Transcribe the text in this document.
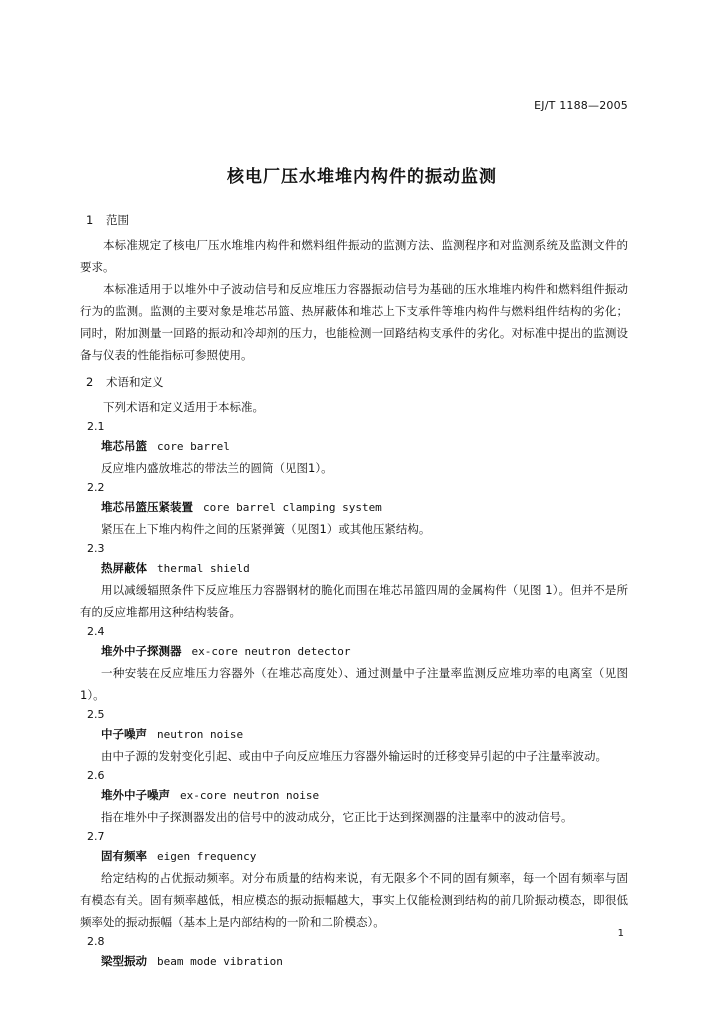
EJ/T 1188—2005
核电厂压水堆堆内构件的振动监测
1 范围

本标准规定了核电厂压水堆堆内构件和燃料组件振动的监测方法、监测程序和对监测系统及监测文件的要求。

本标准适用于以堆外中子波动信号和反应堆压力容器振动信号为基础的压水堆堆内构件和燃料组件振动行为的监测。监测的主要对象是堆芯吊篮、热屏蔽体和堆芯上下支承件等堆内构件与燃料组件结构的劣化；同时，附加测量一回路的振动和冷却剂的压力，也能检测一回路结构支承件的劣化。对标准中提出的监测设备与仪表的性能指标可参照使用。

2 术语和定义

下列术语和定义适用于本标准。

2.1
堆芯吊篮 core barrel

反应堆内盛放堆芯的带法兰的圆筒（见图1）。

2.2
堆芯吊篮压紧装置 core barrel clamping system

紧压在上下堆内构件之间的压紧弹簧（见图1）或其他压紧结构。

2.3
热屏蔽体 thermal shield

用以减缓辐照条件下反应堆压力容器钢材的脆化而围在堆芯吊篮四周的金属构件（见图 1）。但并不是所有的反应堆都用这种结构装备。

2.4
堆外中子探测器 ex-core neutron detector

一种安装在反应堆压力容器外（在堆芯高度处）、通过测量中子注量率监测反应堆功率的电离室（见图1）。

2.5
中子噪声 neutron noise

由中子源的发射变化引起、或由中子向反应堆压力容器外输运时的迁移变异引起的中子注量率波动。

2.6
堆外中子噪声 ex-core neutron noise

指在堆外中子探测器发出的信号中的波动成分，它正比于达到探测器的注量率中的波动信号。

2.7
固有频率 eigen frequency

给定结构的占优振动频率。对分布质量的结构来说，有无限多个不同的固有频率，每一个固有频率与固有模态有关。固有频率越低，相应模态的振动振幅越大，事实上仅能检测到结构的前几阶振动模态，即很低频率处的振动振幅（基本上是内部结构的一阶和二阶模态）。

2.8
梁型振动 beam mode vibration
1
